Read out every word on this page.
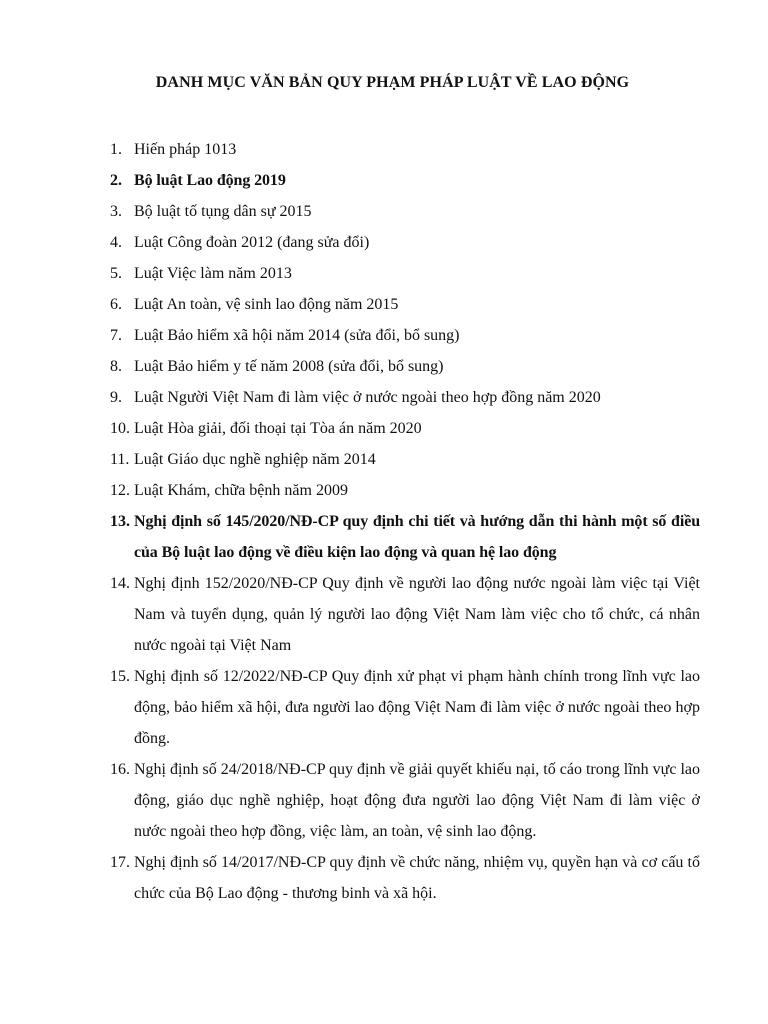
DANH MỤC VĂN BẢN QUY PHẠM PHÁP LUẬT VỀ LAO ĐỘNG
1. Hiến pháp 1013
2. Bộ luật Lao động 2019
3. Bộ luật tố tụng dân sự 2015
4. Luật Công đoàn 2012 (đang sửa đổi)
5. Luật Việc làm năm 2013
6. Luật An toàn, vệ sinh lao động năm 2015
7. Luật Bảo hiểm xã hội năm 2014 (sửa đổi, bổ sung)
8. Luật Bảo hiểm y tế năm 2008 (sửa đổi, bổ sung)
9. Luật Người Việt Nam đi làm việc ở nước ngoài theo hợp đồng năm 2020
10. Luật Hòa giải, đối thoại tại Tòa án năm 2020
11. Luật Giáo dục nghề nghiệp năm 2014
12. Luật Khám, chữa bệnh năm 2009
13. Nghị định số 145/2020/NĐ-CP quy định chi tiết và hướng dẫn thi hành một số điều của Bộ luật lao động về điều kiện lao động và quan hệ lao động
14. Nghị định 152/2020/NĐ-CP Quy định về người lao động nước ngoài làm việc tại Việt Nam và tuyển dụng, quản lý người lao động Việt Nam làm việc cho tổ chức, cá nhân nước ngoài tại Việt Nam
15. Nghị định số 12/2022/NĐ-CP Quy định xử phạt vi phạm hành chính trong lĩnh vực lao động, bảo hiểm xã hội, đưa người lao động Việt Nam đi làm việc ở nước ngoài theo hợp đồng.
16. Nghị định số 24/2018/NĐ-CP quy định về giải quyết khiếu nại, tố cáo trong lĩnh vực lao động, giáo dục nghề nghiệp, hoạt động đưa người lao động Việt Nam đi làm việc ở nước ngoài theo hợp đồng, việc làm, an toàn, vệ sinh lao động.
17. Nghị định số 14/2017/NĐ-CP quy định về chức năng, nhiệm vụ, quyền hạn và cơ cấu tổ chức của Bộ Lao động - thương binh và xã hội.
